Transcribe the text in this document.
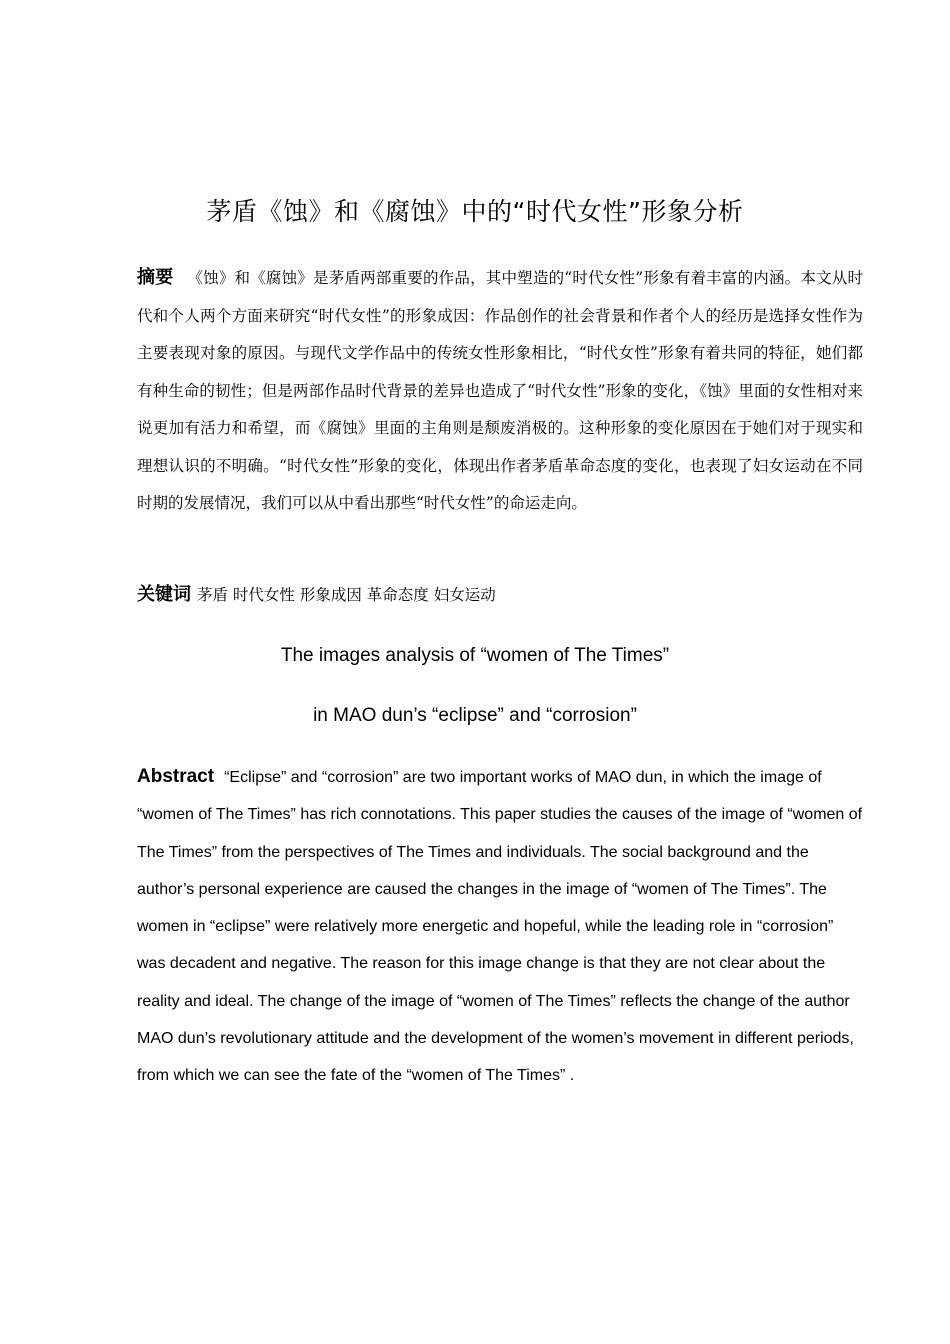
茅盾《蚀》和《腐蚀》中的“时代女性”形象分析
摘要 《蚀》和《腐蚀》是茅盾两部重要的作品，其中塑造的“时代女性”形象有着丰富的内涵。本文从时代和个人两个方面来研究“时代女性”的形象成因：作品创作的社会背景和作者个人的经历是选择女性作为主要表现对象的原因。与现代文学作品中的传统女性形象相比，“时代女性”形象有着共同的特征，她们都有种生命的韧性；但是两部作品时代背景的差异也造成了“时代女性”形象的变化，《蚀》里面的女性相对来说更加有活力和希望，而《腐蚀》里面的主角则是颓废消极的。这种形象的变化原因在于她们对于现实和理想认识的不明确。“时代女性”形象的变化，体现出作者茅盾革命态度的变化，也表现了妇女运动在不同时期的发展情况，我们可以从中看出那些“时代女性”的命运走向。
关键词 茅盾 时代女性 形象成因 革命态度 妇女运动
The images analysis of “women of The Times”
in MAO dun’s “eclipse” and “corrosion”
Abstract “Eclipse” and “corrosion” are two important works of MAO dun, in which the image of “women of The Times” has rich connotations. This paper studies the causes of the image of “women of The Times” from the perspectives of The Times and individuals. The social background and the author’s personal experience are caused the changes in the image of “women of The Times”. The women in “eclipse” were relatively more energetic and hopeful, while the leading role in “corrosion” was decadent and negative. The reason for this image change is that they are not clear about the reality and ideal. The change of the image of “women of The Times” reflects the change of the author MAO dun’s revolutionary attitude and the development of the women’s movement in different periods, from which we can see the fate of the “women of The Times” .
